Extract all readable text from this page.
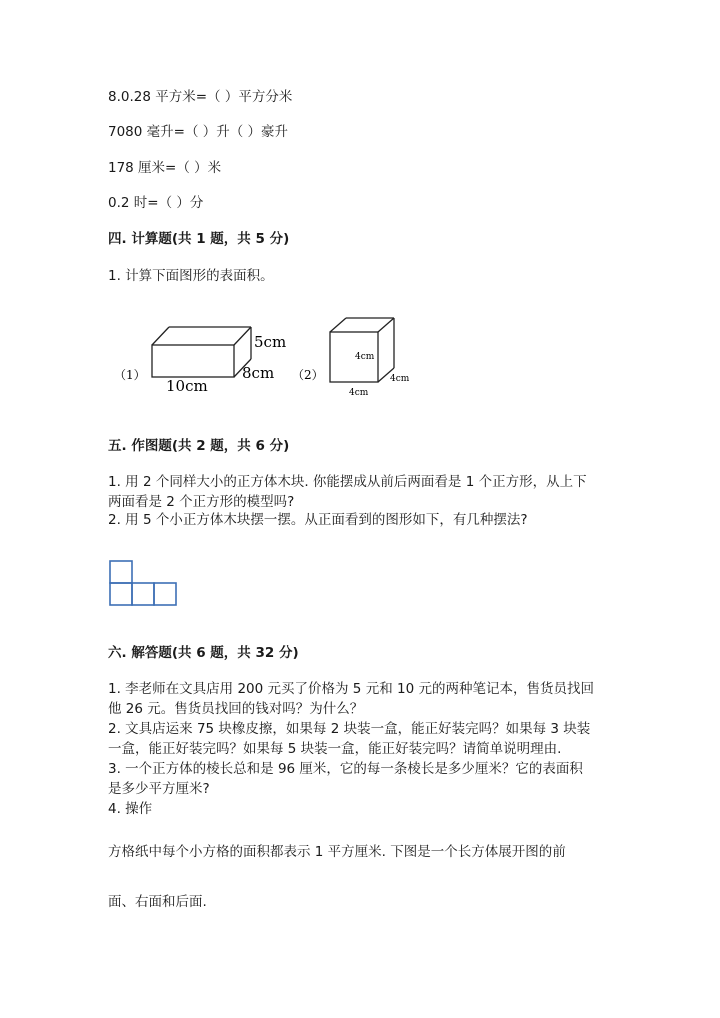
8.0.28 平方米=（ ）平方分米
7080 毫升=（ ）升（ ）豪升
178 厘米=（ ）米
0.2 时=（ ）分
四. 计算题(共 1 题，共 5 分)
1. 计算下面图形的表面积。
（1）
5cm
8cm
10cm
（2）
4cm
4cm
4cm
五. 作图题(共 2 题，共 6 分)
1. 用 2 个同样大小的正方体木块. 你能摆成从前后两面看是 1 个正方形，从上下
两面看是 2 个正方形的模型吗?
2. 用 5 个小正方体木块摆一摆。从正面看到的图形如下，有几种摆法?
六. 解答题(共 6 题，共 32 分)
1. 李老师在文具店用 200 元买了价格为 5 元和 10 元的两种笔记本，售货员找回
他 26 元。售货员找回的钱对吗？为什么？
2. 文具店运来 75 块橡皮擦，如果每 2 块装一盒，能正好装完吗？如果每 3 块装
一盒，能正好装完吗？如果每 5 块装一盒，能正好装完吗？请简单说明理由.
3. 一个正方体的棱长总和是 96 厘米，它的每一条棱长是多少厘米？它的表面积
是多少平方厘米?
4. 操作
方格纸中每个小方格的面积都表示 1 平方厘米. 下图是一个长方体展开图的前
面、右面和后面.
